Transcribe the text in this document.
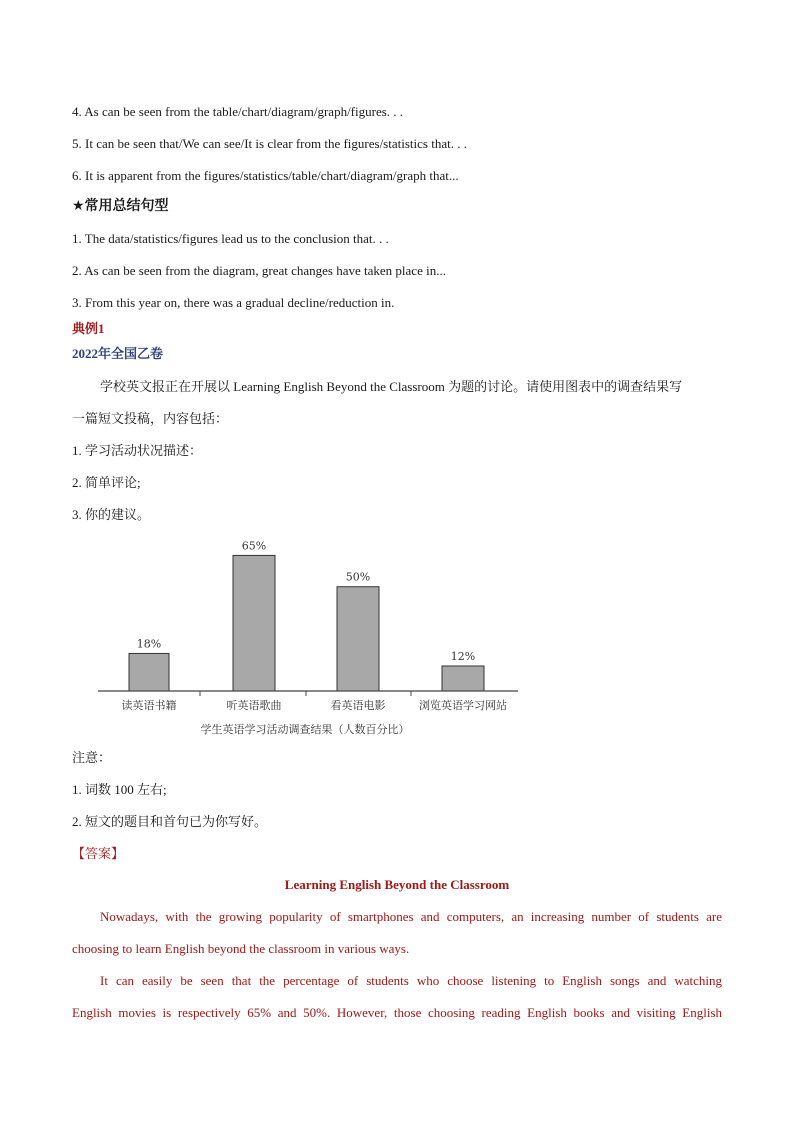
4. As can be seen from the table/chart/diagram/graph/figures. . .
5. It can be seen that/We can see/It is clear from the figures/statistics that. . .
6. It is apparent from the figures/statistics/table/chart/diagram/graph that...
★常用总结句型
1. The data/statistics/figures lead us to the conclusion that. . .
2. As can be seen from the diagram, great changes have taken place in...
3. From this year on, there was a gradual decline/reduction in.
典例1
2022年全国乙卷
学校英文报正在开展以 Learning English Beyond the Classroom 为题的讨论。请使用图表中的调查结果写
一篇短文投稿，内容包括：
1. 学习活动状况描述：
2. 简单评论;
3. 你的建议。
18%
65%
50%
12%
读英语书籍	听英语歌曲	看英语电影	浏览英语学习网站
学生英语学习活动调查结果（人数百分比）
注意：
1. 词数 100 左右;
2. 短文的题目和首句已为你写好。
【答案】
Learning English Beyond the Classroom
Nowadays, with the growing popularity of smartphones and computers, an increasing number of students are
choosing to learn English beyond the classroom in various ways.
It can easily be seen that the percentage of students who choose listening to English songs and watching
English movies is respectively 65% and 50%. However, those choosing reading English books and visiting English
